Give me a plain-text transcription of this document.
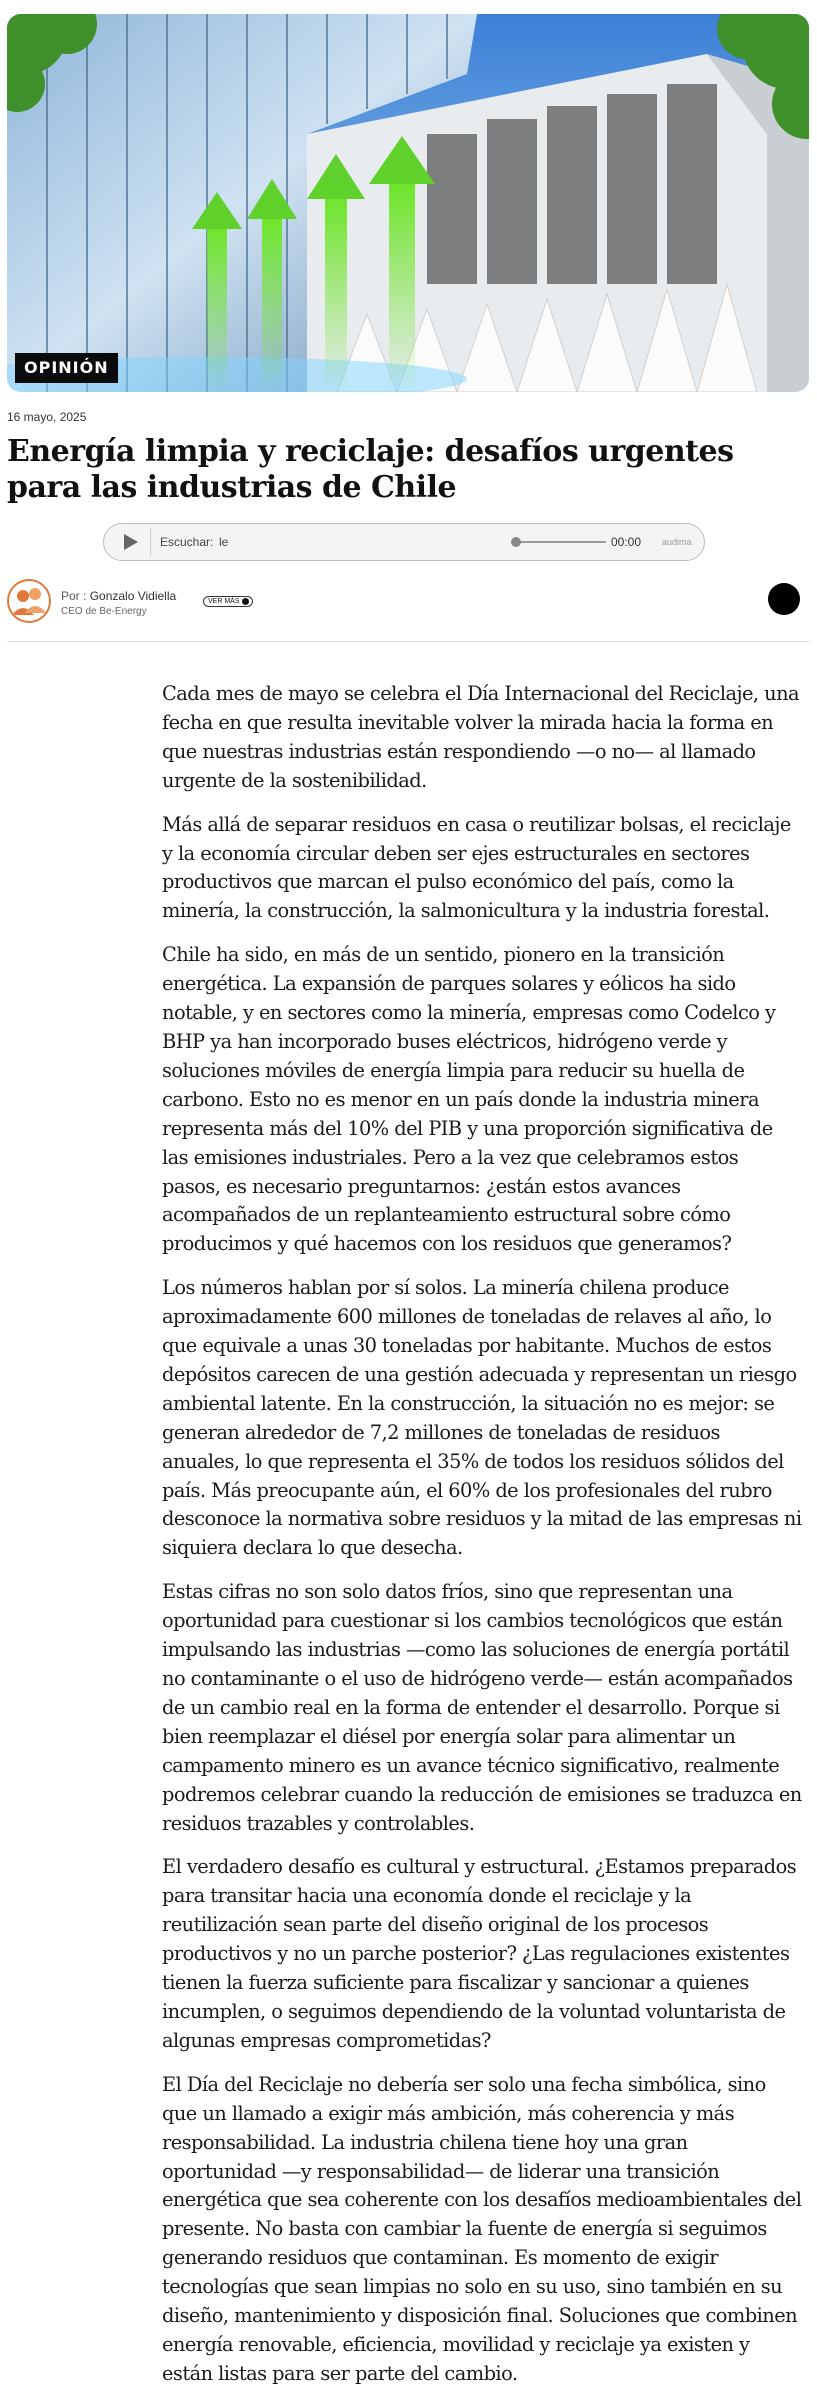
OPINIÓN
16 mayo, 2025
Energía limpia y reciclaje: desafíos urgentes para las industrias de Chile
Escuchar: le	00:00 audima
Por : Gonzalo Vidiella
CEO de Be-Energy
VER MÁS

Cada mes de mayo se celebra el Día Internacional del Reciclaje, una fecha en que resulta inevitable volver la mirada hacia la forma en que nuestras industrias están respondiendo —o no— al llamado urgente de la sostenibilidad.

Más allá de separar residuos en casa o reutilizar bolsas, el reciclaje y la economía circular deben ser ejes estructurales en sectores productivos que marcan el pulso económico del país, como la minería, la construcción, la salmonicultura y la industria forestal.

Chile ha sido, en más de un sentido, pionero en la transición energética. La expansión de parques solares y eólicos ha sido notable, y en sectores como la minería, empresas como Codelco y BHP ya han incorporado buses eléctricos, hidrógeno verde y soluciones móviles de energía limpia para reducir su huella de carbono. Esto no es menor en un país donde la industria minera representa más del 10% del PIB y una proporción significativa de las emisiones industriales. Pero a la vez que celebramos estos pasos, es necesario preguntarnos: ¿están estos avances acompañados de un replanteamiento estructural sobre cómo producimos y qué hacemos con los residuos que generamos?

Los números hablan por sí solos. La minería chilena produce aproximadamente 600 millones de toneladas de relaves al año, lo que equivale a unas 30 toneladas por habitante. Muchos de estos depósitos carecen de una gestión adecuada y representan un riesgo ambiental latente. En la construcción, la situación no es mejor: se generan alrededor de 7,2 millones de toneladas de residuos anuales, lo que representa el 35% de todos los residuos sólidos del país. Más preocupante aún, el 60% de los profesionales del rubro desconoce la normativa sobre residuos y la mitad de las empresas ni siquiera declara lo que desecha.

Estas cifras no son solo datos fríos, sino que representan una oportunidad para cuestionar si los cambios tecnológicos que están impulsando las industrias —como las soluciones de energía portátil no contaminante o el uso de hidrógeno verde— están acompañados de un cambio real en la forma de entender el desarrollo. Porque si bien reemplazar el diésel por energía solar para alimentar un campamento minero es un avance técnico significativo, realmente podremos celebrar cuando la reducción de emisiones se traduzca en residuos trazables y controlables.

El verdadero desafío es cultural y estructural. ¿Estamos preparados para transitar hacia una economía donde el reciclaje y la reutilización sean parte del diseño original de los procesos productivos y no un parche posterior? ¿Las regulaciones existentes tienen la fuerza suficiente para fiscalizar y sancionar a quienes incumplen, o seguimos dependiendo de la voluntad voluntarista de algunas empresas comprometidas?

El Día del Reciclaje no debería ser solo una fecha simbólica, sino que un llamado a exigir más ambición, más coherencia y más responsabilidad. La industria chilena tiene hoy una gran oportunidad —y responsabilidad— de liderar una transición energética que sea coherente con los desafíos medioambientales del presente. No basta con cambiar la fuente de energía si seguimos generando residuos que contaminan. Es momento de exigir tecnologías que sean limpias no solo en su uso, sino también en su diseño, mantenimiento y disposición final. Soluciones que combinen energía renovable, eficiencia, movilidad y reciclaje ya existen y están listas para ser parte del cambio.
